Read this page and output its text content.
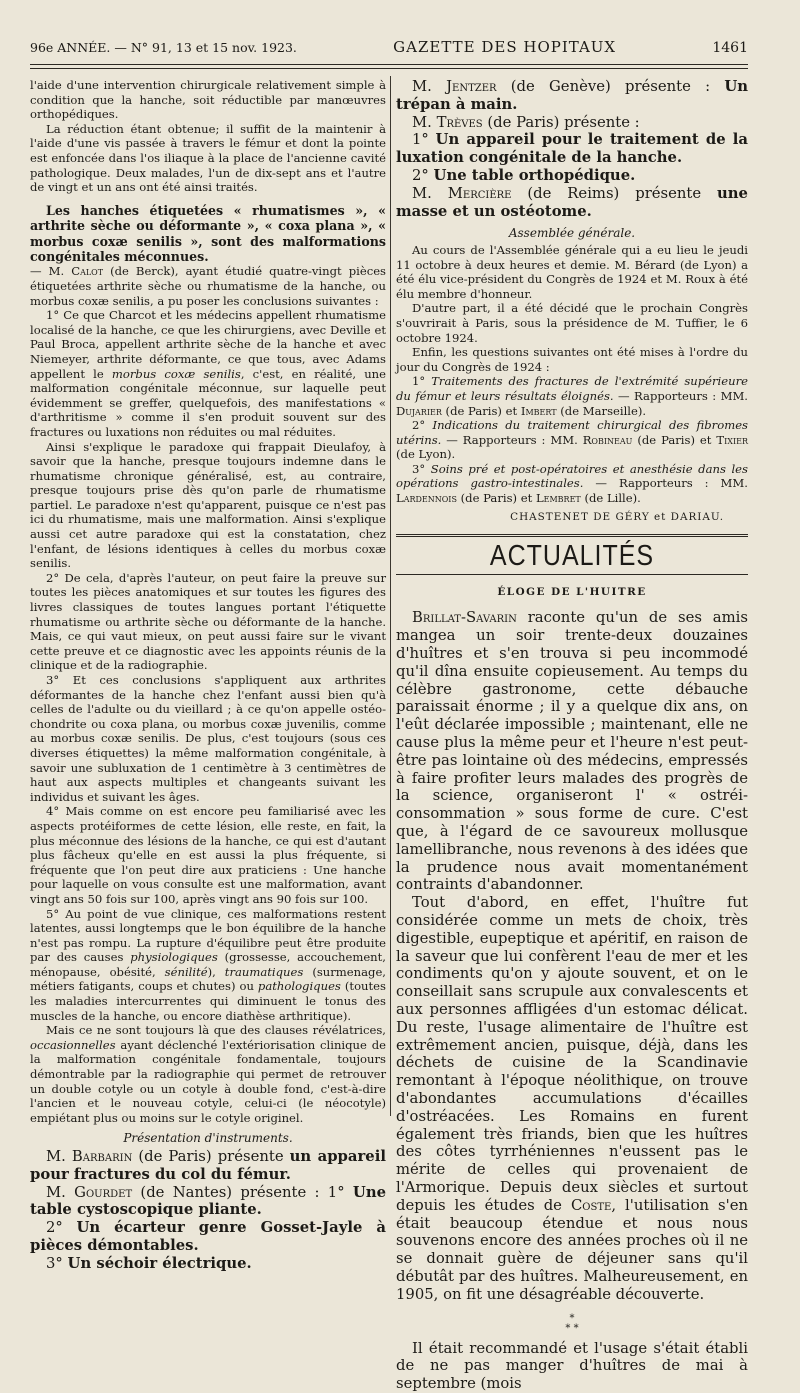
96e ANNÉE. — N° 91, 13 et 15 nov. 1923.	GAZETTE DES HOPITAUX	1461

l'aide d'une intervention chirurgicale relativement simple à condition que la hanche, soit réductible par manœuvres orthopédiques.

La réduction étant obtenue; il suffit de la maintenir à l'aide d'une vis passée à travers le fémur et dont la pointe est enfoncée dans l'os iliaque à la place de l'ancienne cavité pathologique. Deux malades, l'un de dix-sept ans et l'autre de vingt et un ans ont été ainsi traités.

Les hanches étiquetées « rhumatismes », « arthrite sèche ou déformante », « coxa plana », « morbus coxæ senilis », sont des malformations congénitales méconnues.

— M. Calot (de Berck), ayant étudié quatre-vingt pièces étiquetées arthrite sèche ou rhumatisme de la hanche, ou morbus coxæ senilis, a pu poser les conclusions suivantes :

1° Ce que Charcot et les médecins appellent rhumatisme localisé de la hanche, ce que les chirurgiens, avec Deville et Paul Broca, appellent arthrite sèche de la hanche et avec Niemeyer, arthrite déformante, ce que tous, avec Adams appellent le morbus coxæ senilis, c'est, en réalité, une malformation congénitale méconnue, sur laquelle peut évidemment se greffer, quelquefois, des manifestations « d'arthritisme » comme il s'en produit souvent sur des fractures ou luxations non réduites ou mal réduites.

Ainsi s'explique le paradoxe qui frappait Dieulafoy, à savoir que la hanche, presque toujours indemne dans le rhumatisme chronique généralisé, est, au contraire, presque toujours prise dès qu'on parle de rhumatisme partiel. Le paradoxe n'est qu'apparent, puisque ce n'est pas ici du rhumatisme, mais une malformation. Ainsi s'explique aussi cet autre paradoxe qui est la constatation, chez l'enfant, de lésions identiques à celles du morbus coxæ senilis.

2° De cela, d'après l'auteur, on peut faire la preuve sur toutes les pièces anatomiques et sur toutes les figures des livres classiques de toutes langues portant l'étiquette rhumatisme ou arthrite sèche ou déformante de la hanche. Mais, ce qui vaut mieux, on peut aussi faire sur le vivant cette preuve et ce diagnostic avec les appoints réunis de la clinique et de la radiographie.

3° Et ces conclusions s'appliquent aux arthrites déformantes de la hanche chez l'enfant aussi bien qu'à celles de l'adulte ou du vieillard ; à ce qu'on appelle ostéo-chondrite ou coxa plana, ou morbus coxæ juvenilis, comme au morbus coxæ senilis. De plus, c'est toujours (sous ces diverses étiquettes) la même malformation congénitale, à savoir une subluxation de 1 centimètre à 3 centimètres de haut aux aspects multiples et changeants suivant les individus et suivant les âges.

4° Mais comme on est encore peu familiarisé avec les aspects protéiformes de cette lésion, elle reste, en fait, la plus méconnue des lésions de la hanche, ce qui est d'autant plus fâcheux qu'elle en est aussi la plus fréquente, si fréquente que l'on peut dire aux praticiens : Une hanche pour laquelle on vous consulte est une malformation, avant vingt ans 50 fois sur 100, après vingt ans 90 fois sur 100.

5° Au point de vue clinique, ces malformations restent latentes, aussi longtemps que le bon équilibre de la hanche n'est pas rompu. La rupture d'équilibre peut être produite par des causes physiologiques (grossesse, accouchement, ménopause, obésité, sénilité), traumatiques (surmenage, métiers fatigants, coups et chutes) ou pathologiques (toutes les maladies intercurrentes qui diminuent le tonus des muscles de la hanche, ou encore diathèse arthritique).

Mais ce ne sont toujours là que des clauses révélatrices, occasionnelles ayant déclenché l'extériorisation clinique de la malformation congénitale fondamentale, toujours démontrable par la radiographie qui permet de retrouver un double cotyle ou un cotyle à double fond, c'est-à-dire l'ancien et le nouveau cotyle, celui-ci (le néocotyle) empiétant plus ou moins sur le cotyle originel.

Présentation d'instruments.

M. Barbarin (de Paris) présente un appareil pour fractures du col du fémur.

M. Gourdet (de Nantes) présente : 1° Une table cystoscopique pliante.

2° Un écarteur genre Gosset-Jayle à pièces démontables.

3° Un séchoir électrique.

M. Jentzer (de Genève) présente : Un trépan à main.

M. Trèves (de Paris) présente :

1° Un appareil pour le traitement de la luxation congénitale de la hanche.

2° Une table orthopédique.

M. Mercière (de Reims) présente une masse et un ostéotome.

Assemblée générale.

Au cours de l'Assemblée générale qui a eu lieu le jeudi 11 octobre à deux heures et demie. M. Bérard (de Lyon) a été élu vice-président du Congrès de 1924 et M. Roux à été élu membre d'honneur.

D'autre part, il a été décidé que le prochain Congrès s'ouvrirait à Paris, sous la présidence de M. Tuffier, le 6 octobre 1924.

Enfin, les questions suivantes ont été mises à l'ordre du jour du Congrès de 1924 :

1° Traitements des fractures de l'extrémité supérieure du fémur et leurs résultats éloignés. — Rapporteurs : MM. Dujarier (de Paris) et Imbert (de Marseille).

2° Indications du traitement chirurgical des fibromes utérins. — Rapporteurs : MM. Robineau (de Paris) et Tixier (de Lyon).

3° Soins pré et post-opératoires et anesthésie dans les opérations gastro-intestinales. — Rapporteurs : MM. Lardennois (de Paris) et Lembret (de Lille).

CHASTENET DE GÉRY et DARIAU.

ACTUALITÉS

ÉLOGE DE L'HUITRE

Brillat-Savarin raconte qu'un de ses amis mangea un soir trente-deux douzaines d'huîtres et s'en trouva si peu incommodé qu'il dîna ensuite copieusement. Au temps du célèbre gastronome, cette débauche paraissait énorme ; il y a quelque dix ans, on l'eût déclarée impossible ; maintenant, elle ne cause plus la même peur et l'heure n'est peut-être pas lointaine où des médecins, empressés à faire profiter leurs malades des progrès de la science, organiseront l' « ostréi-consommation » sous forme de cure. C'est que, à l'égard de ce savoureux mollusque lamellibranche, nous revenons à des idées que la prudence nous avait momentanément contraints d'abandonner.

Tout d'abord, en effet, l'huître fut considérée comme un mets de choix, très digestible, eupeptique et apéritif, en raison de la saveur que lui confèrent l'eau de mer et les condiments qu'on y ajoute souvent, et on le conseillait sans scrupule aux convalescents et aux personnes affligées d'un estomac délicat. Du reste, l'usage alimentaire de l'huître est extrêmement ancien, puisque, déjà, dans les déchets de cuisine de la Scandinavie remontant à l'époque néolithique, on trouve d'abondantes accumulations d'écailles d'ostréacées. Les Romains en furent également très friands, bien que les huîtres des côtes tyrrhéniennes n'eussent pas le mérite de celles qui provenaient de l'Armorique. Depuis deux siècles et surtout depuis les études de Coste, l'utilisation s'en était beaucoup étendue et nous nous souvenons encore des années proches où il ne se donnait guère de déjeuner sans qu'il débutât par des huîtres. Malheureusement, en 1905, on fit une désagréable découverte.

*
* *

Il était recommandé et l'usage s'était établi de ne pas manger d'huîtres de mai à septembre (mois
